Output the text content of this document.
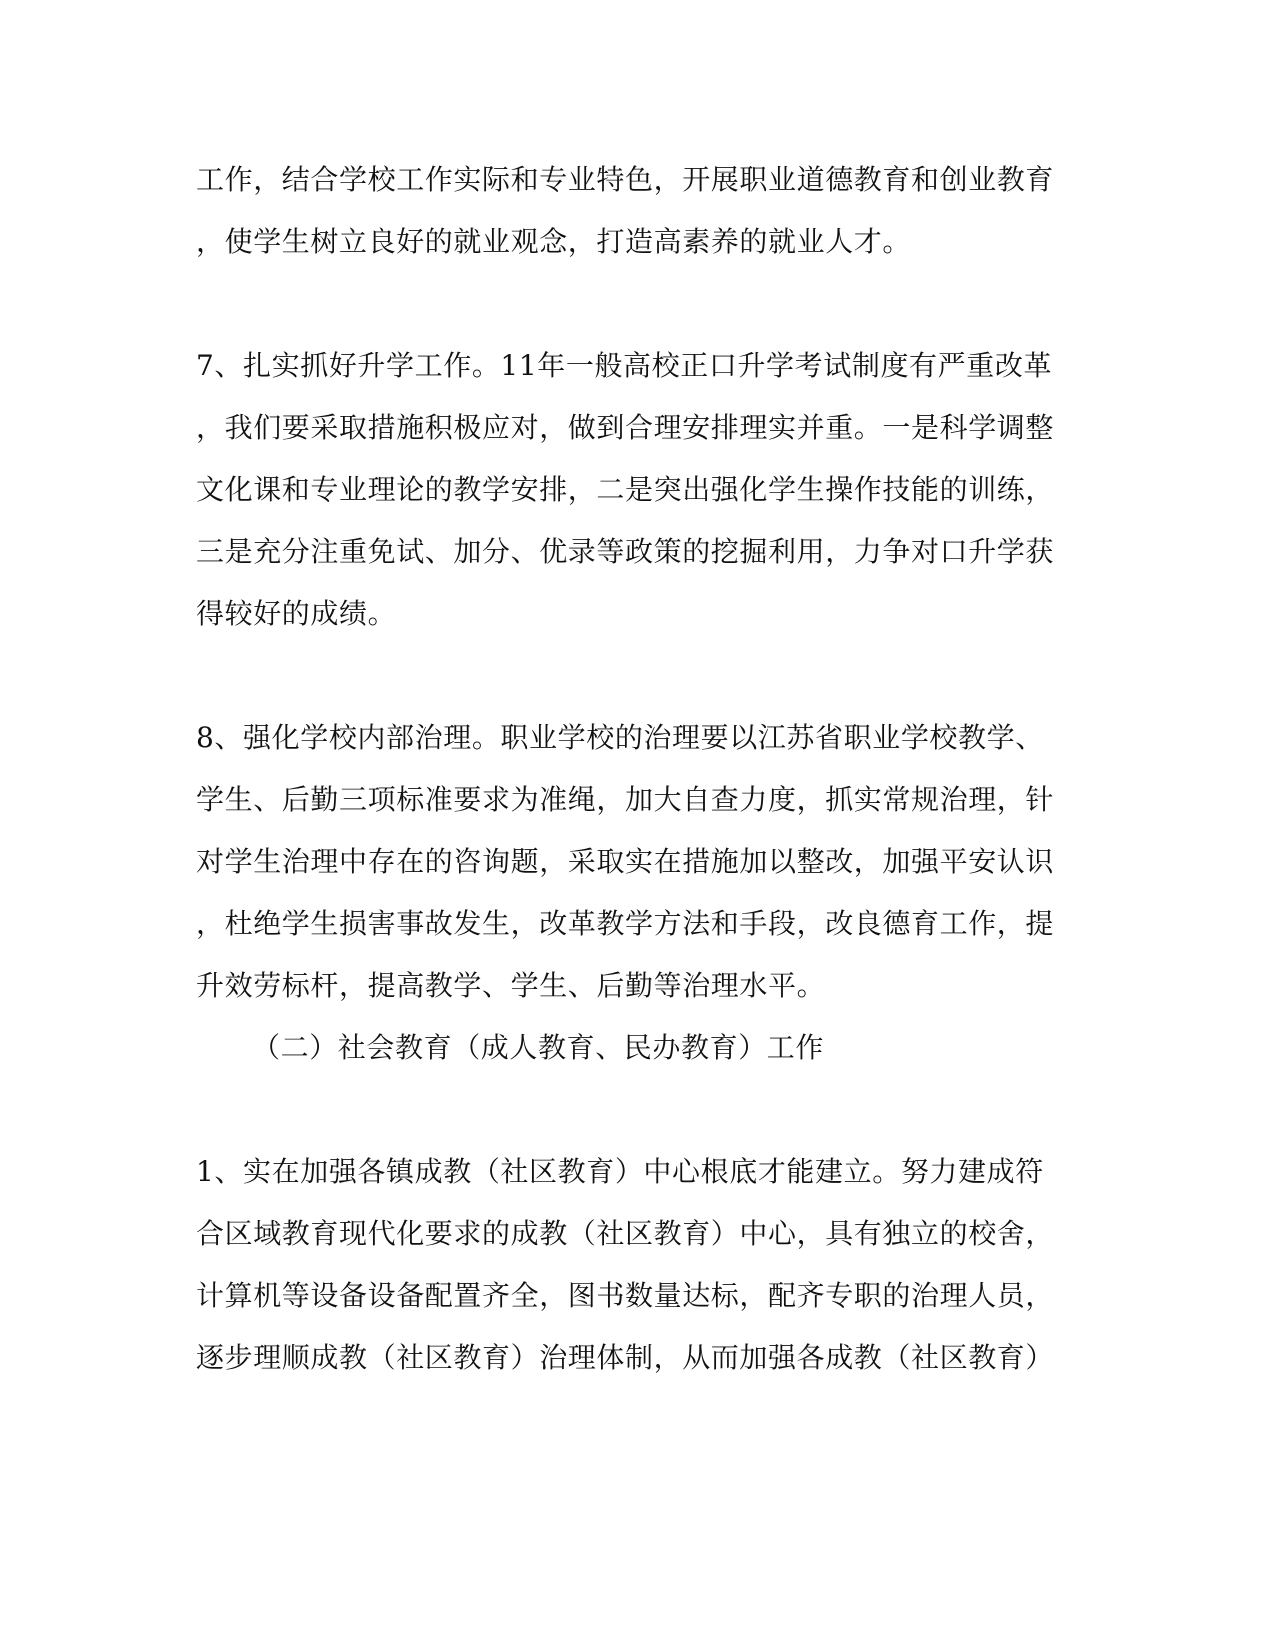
工作，结合学校工作实际和专业特色，开展职业道德教育和创业教育
，使学生树立良好的就业观念，打造高素养的就业人才。
7、扎实抓好升学工作。11年一般高校正口升学考试制度有严重改革
，我们要采取措施积极应对，做到合理安排理实并重。一是科学调整
文化课和专业理论的教学安排，二是突出强化学生操作技能的训练，
三是充分注重免试、加分、优录等政策的挖掘利用，力争对口升学获
得较好的成绩。
8、强化学校内部治理。职业学校的治理要以江苏省职业学校教学、
学生、后勤三项标准要求为准绳，加大自查力度，抓实常规治理，针
对学生治理中存在的咨询题，采取实在措施加以整改，加强平安认识
，杜绝学生损害事故发生，改革教学方法和手段，改良德育工作，提
升效劳标杆，提高教学、学生、后勤等治理水平。
（二）社会教育（成人教育、民办教育）工作
1、实在加强各镇成教（社区教育）中心根底才能建立。努力建成符
合区域教育现代化要求的成教（社区教育）中心，具有独立的校舍，
计算机等设备设备配置齐全，图书数量达标，配齐专职的治理人员，
逐步理顺成教（社区教育）治理体制，从而加强各成教（社区教育）
